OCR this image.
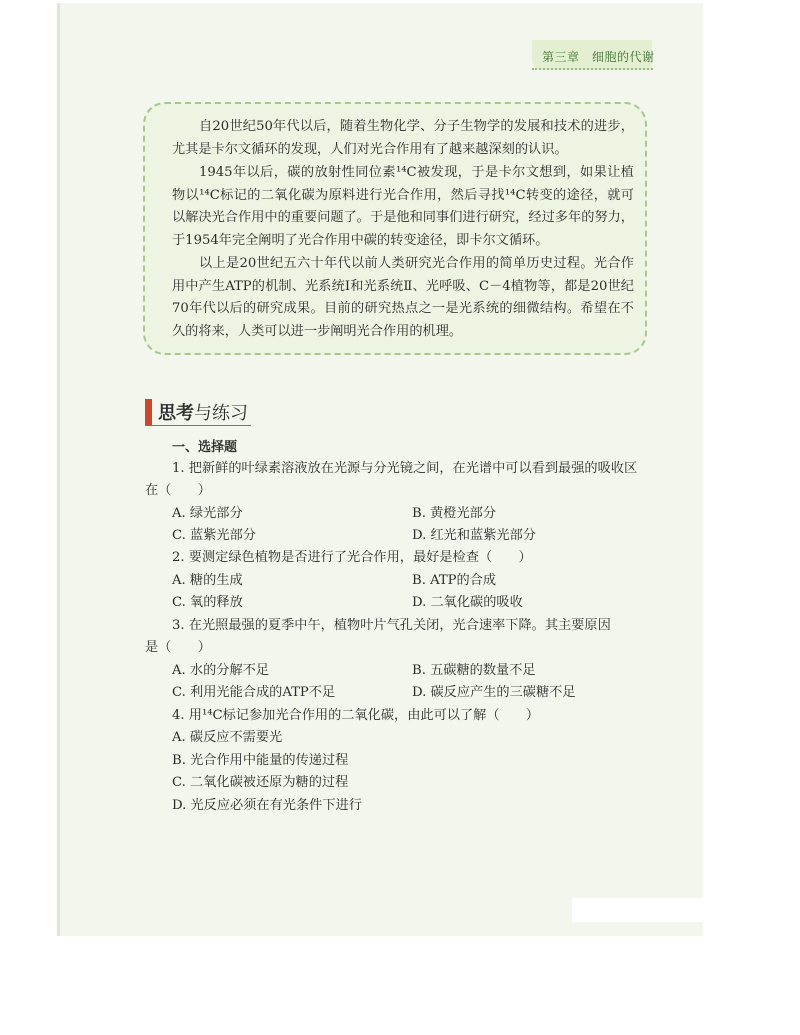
第三章　细胞的代谢

自20世纪50年代以后，随着生物化学、分子生物学的发展和技术的进步，尤其是卡尔文循环的发现，人们对光合作用有了越来越深刻的认识。

1945年以后，碳的放射性同位素¹⁴C被发现，于是卡尔文想到，如果让植物以¹⁴C标记的二氧化碳为原料进行光合作用，然后寻找¹⁴C转变的途径，就可以解决光合作用中的重要问题了。于是他和同事们进行研究，经过多年的努力，于1954年完全阐明了光合作用中碳的转变途径，即卡尔文循环。

以上是20世纪五六十年代以前人类研究光合作用的简单历史过程。光合作用中产生ATP的机制、光系统Ⅰ和光系统Ⅱ、光呼吸、C－4植物等，都是20世纪70年代以后的研究成果。目前的研究热点之一是光系统的细微结构。希望在不久的将来，人类可以进一步阐明光合作用的机理。

思考与练习
一、选择题
1. 把新鲜的叶绿素溶液放在光源与分光镜之间，在光谱中可以看到最强的吸收区
在（　　）
A. 绿光部分	B. 黄橙光部分
C. 蓝紫光部分	D. 红光和蓝紫光部分
2. 要测定绿色植物是否进行了光合作用，最好是检查（　　）
A. 糖的生成	B. ATP的合成
C. 氧的释放	D. 二氧化碳的吸收
3. 在光照最强的夏季中午，植物叶片气孔关闭，光合速率下降。其主要原因
是（　　）
A. 水的分解不足	B. 五碳糖的数量不足
C. 利用光能合成的ATP不足	D. 碳反应产生的三碳糖不足
4. 用¹⁴C标记参加光合作用的二氧化碳，由此可以了解（　　）
A. 碳反应不需要光
B. 光合作用中能量的传递过程
C. 二氧化碳被还原为糖的过程
D. 光反应必须在有光条件下进行
